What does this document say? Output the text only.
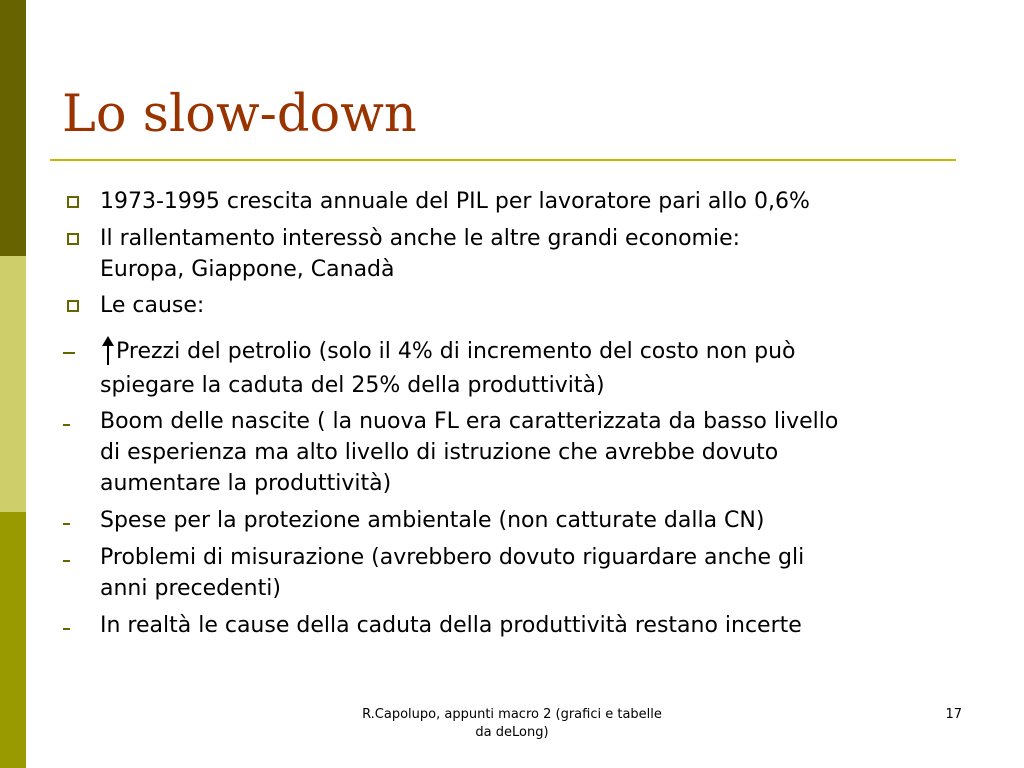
Lo slow-down
1973-1995 crescita annuale del PIL per lavoratore pari allo 0,6%
Il rallentamento interessò anche le altre grandi economie:
Europa, Giappone, Canadà
Le cause:
Prezzi del petrolio (solo il 4% di incremento del costo non può
spiegare la caduta del 25% della produttività)
Boom delle nascite ( la nuova FL era caratterizzata da basso livello
di esperienza ma alto livello di istruzione che avrebbe dovuto
aumentare la produttività)
Spese per la protezione ambientale (non catturate dalla CN)
Problemi di misurazione (avrebbero dovuto riguardare anche gli
anni precedenti)
In realtà le cause della caduta della produttività restano incerte
R.Capolupo, appunti macro 2 (grafici e tabelle da deLong)
17
